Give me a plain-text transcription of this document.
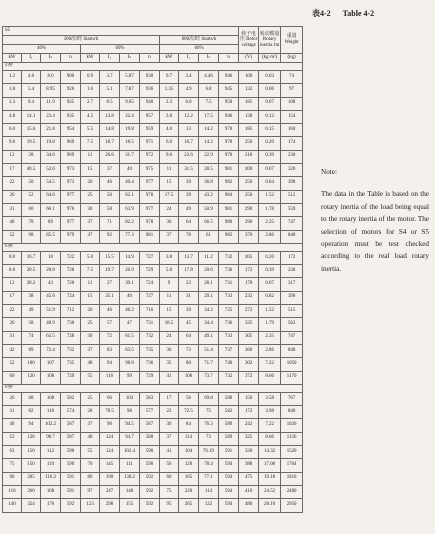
表4-2 Table 4-2
S5												转子电压 Rotor voltage	转动惯量 Rotary inertia Jm	重量 Weight
300次/时 Starts/h								600次/时 Starts/h						
40%				60%				60%						
kW	I₁	Iₛ	n	kW	I₁	Iₛ	n	kW	I₁	Iₛ	n	(V)	(kg·m²)	(kg)
4極														
1.2	4.0	8.0	900	0.9	3.7	5.87	930	0.7	3.4	4.46	946	100	0.03	74
1.8	5.4	8.95	926	1.6	5.1	7.87	936	1.35	4.9	6.8	945	132	0.06	97
3.3	9.4	11.9	925	2.7	8.5	9.65	940	2.3	6.0	7.5	950	185	0.07	108
4.8	14.1	23.4	935	4.5	13.8	22.4	957	3.8	12.2	17.5	946	138	0.12	154
6.0	15.6	21.8	954	5.5	14.8	19.8	959	4.0	13	14.2	970	185	0.15	160
9.0	19.5	19.8	969	7.5	18.7	18.5	971	6.0	16.7	14.2	978	250	0.20	174
12	28	34.6	969	11	26.6	31.7	972	9.0	23.6	22.9	978	218	0.39	230
17	40.5	52.6	973	15	37	40	975	11	31.5	28.5	981	200	0.67	320
22	50	54.5	973	20	46	49.4	977	15	39	36.8	982	250	0.84	398
26	52	64.6	977	25	50	62.1	978	17.5	39	43.2	984	250	1.52	512
31	60	66.1	976	30	58	63.9	977	24	49	50.9	981	290	1.78	559
40	78	89	977	37	71	82.2	978	30	64	66.5	980	290	2.35	747
52	98	85.5	979	47	92	77.3	981	37	78	61	982	370	2.86	848
6極														
8.0	16.7	18	722	5.0	15.5	14.9	727	3.8	13.7	11.2	732	205	0.20	172
8.0	20.5	28.8	728	7.5	19.7	26.9	729	5.8	17.8	20.6	736	172	0.39	230
12	28.2	43	720	11	27	39.1	724	9	23	28.1	731	178	0.67	317
17	38	45.6	724	15	35.1	40	727	11	31	29.1	733	232	0.82	390
22	49	51.9	712	20	46	46.2	716	15	39	34.2	725	272	1.52	515
26	58	48.9	730	25	57	47	731	18.5	45	34.4	736	335	1.79	563
31	74	63.5	728	30	72	61.5	732	24	64	49.1	733	305	2.35	747
42	89	72.4	732	37	83	63.5	735	30	73	51.4	737	360	2.86	848
52	100	107	735	48	94	98.8	736	35	80	71.7	740	302	7.22	1050
60	120	108	729	55	116	99	729	41	100	73.7	732	372	8.66	1170
8極														
26	68	108	582	25	66	103	583	17	56	69.8	588	150	3.58	767
31	82	110	574	28	78.5	98	577	22	72.5	75	582	172	3.98	840
40	94	102.2	587	37	90	94.5	587	30	84	76.3	589	242	7.22	1026
53	126	98.7	587	48	124	94.7	588	37	114	73	589	325	8.66	1156
63	150	112	590	55	124	102.4	590	41	104	76.19	591	330	14.32	1520
75	150	119	590	70	145	111	590	50	120	78.4	594	388	17.08	1764
90	205	116.2	591	80	190	130.2	592	60	165	77.1	594	475	19.18	1810
110	260	168	591	97	247	148	592	75	220	114	594	410	24.52	2400
140	324	176	592	123	298	155	592	95	265	122	594	480	28.10	2950

Note:

The data in the Table is based on the rotary inertia of the load being equal to the rotary inertia of the motor. The selection of motors for S4 or S5 operation must be test checked according to the real load rotary inertia.
